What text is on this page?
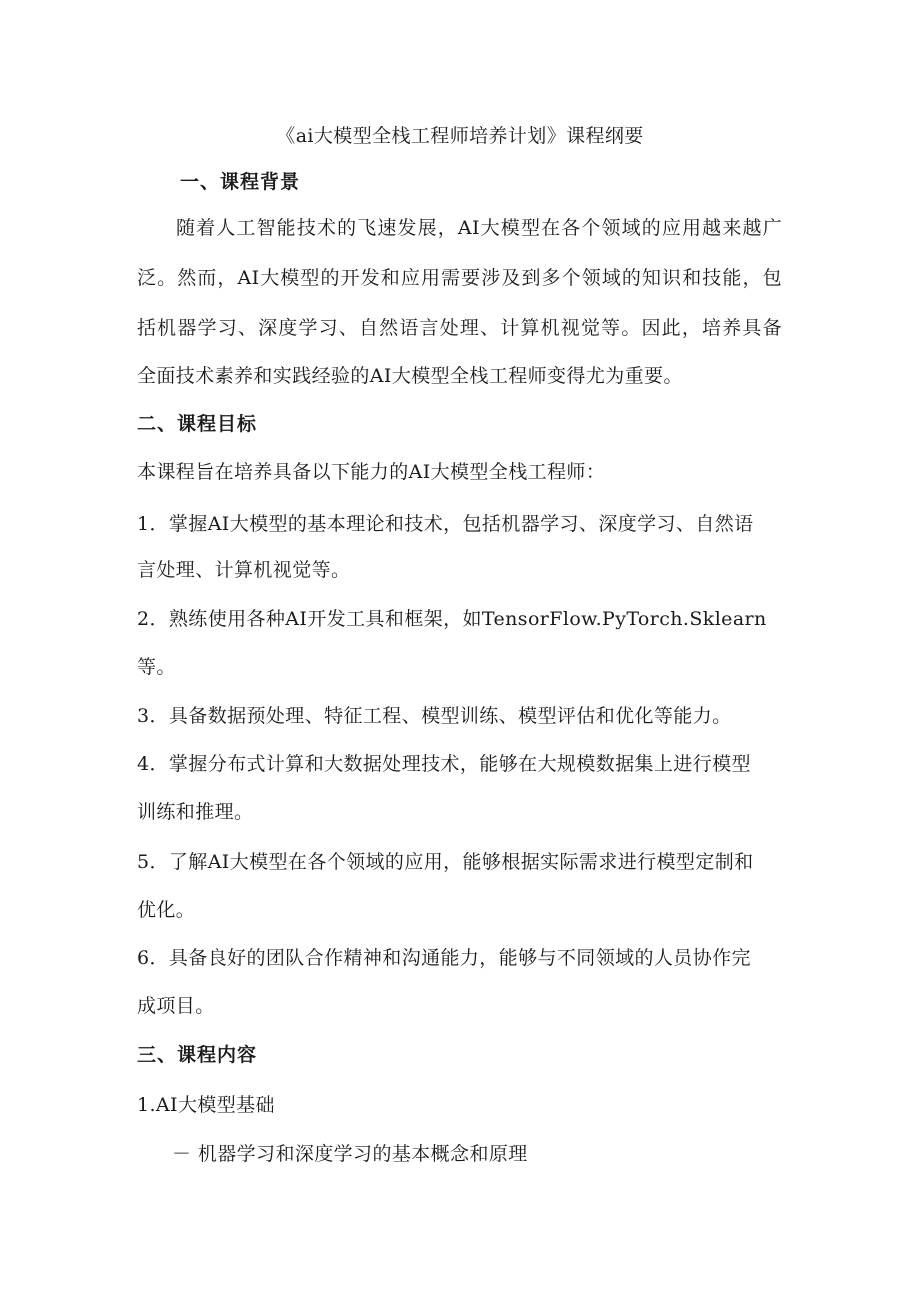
《ai大模型全栈工程师培养计划》课程纲要
一、课程背景
随着人工智能技术的飞速发展，AI大模型在各个领域的应用越来越广
泛。然而，AI大模型的开发和应用需要涉及到多个领域的知识和技能，包
括机器学习、深度学习、自然语言处理、计算机视觉等。因此，培养具备
全面技术素养和实践经验的AI大模型全栈工程师变得尤为重要。
二、课程目标
本课程旨在培养具备以下能力的AI大模型全栈工程师：
1．掌握AI大模型的基本理论和技术，包括机器学习、深度学习、自然语
言处理、计算机视觉等。
2．熟练使用各种AI开发工具和框架，如TensorFlow.PyTorch.Sklearn
等。
3．具备数据预处理、特征工程、模型训练、模型评估和优化等能力。
4．掌握分布式计算和大数据处理技术，能够在大规模数据集上进行模型
训练和推理。
5．了解AI大模型在各个领域的应用，能够根据实际需求进行模型定制和
优化。
6．具备良好的团队合作精神和沟通能力，能够与不同领域的人员协作完
成项目。
三、课程内容
1.AI大模型基础
－ 机器学习和深度学习的基本概念和原理
